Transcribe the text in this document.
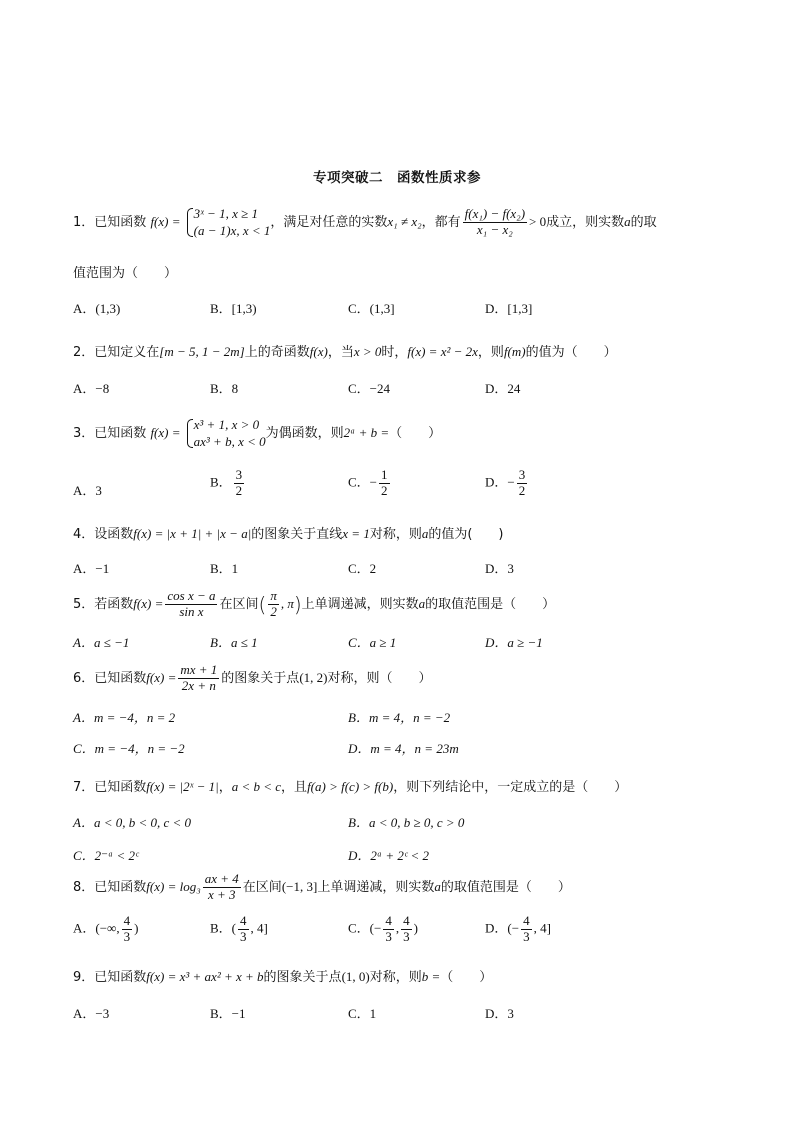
专项突破二　函数性质求参
1．已知函数 f(x) =
3ˣ − 1, x ≥ 1
(a − 1)x, x < 1 ，满足对任意的实数x₁ ≠ x₂，都有 $\frac{\text{f(x₁) − f(x₂)}}{\text{x₁ − x₂}} > 0$成立，则实数a的取
值范围为（　　）
A．(1,3)	B．[1,3)	C．(1,3]	D．[1,3]
2．已知定义在[m − 5, 1 − 2m]上的奇函数f(x)，当x > 0时，f(x) = x² − 2x，则f(m)的值为（　　）
A．−8	B．8	C．−24	D．24
3．已知函数 f(x) =
x³ + 1, x > 0
ax³ + b, x < 0 为偶函数，则2ᵃ + b =（　　）
A．3
B． $\frac{3}{2}$	C．− $\frac{1}{2}$	D．− $\frac{3}{2}$
4．设函数f(x) = |x + 1| + |x − a|的图象关于直线x = 1对称，则a的值为(　　)
A．−1	B．1	C．2	D．3
5．若函数$f(x) = \frac{\text{cos x − a}}{\text{sin x}}$ 在区间( $\frac{\pi}{2}$ , π)上单调递减，则实数a的取值范围是（　　）
A．a ≤ −1	B．a ≤ 1	C．a ≥ 1	D．a ≥ −1
6．已知函数$f(x) = \frac{mx + 1}{2x + n}$ 的图象关于点(1, 2)对称，则（　　）
A．m = −4，n = 2	B．m = 4，n = −2
C．m = −4，n = −2	D．m = 4，n = 23m
7．已知函数f(x) = |2ˣ − 1|，a < b < c，且f(a) > f(c) > f(b)，则下列结论中，一定成立的是（　　）
A．a < 0, b < 0, c < 0	B．a < 0, b ≥ 0, c > 0
C．2⁻ᵃ < 2ᶜ	D．2ᵃ + 2ᶜ < 2
8．已知函数$f(x) = \log_3 \frac{ax + 4}{x + 3}$ 在区间(−1, 3]上单调递减，则实数a的取值范围是（　　）
A．(−∞, $\frac{4}{3}$ )	B．( $\frac{4}{3}$ , 4]	C．(− $\frac{4}{3}$ , $\frac{4}{3}$ )	D．(− $\frac{4}{3}$ , 4]
9．已知函数f(x) = x³ + ax² + x + b的图象关于点(1, 0)对称，则b =（　　）
A．−3	B．−1	C．1	D．3
